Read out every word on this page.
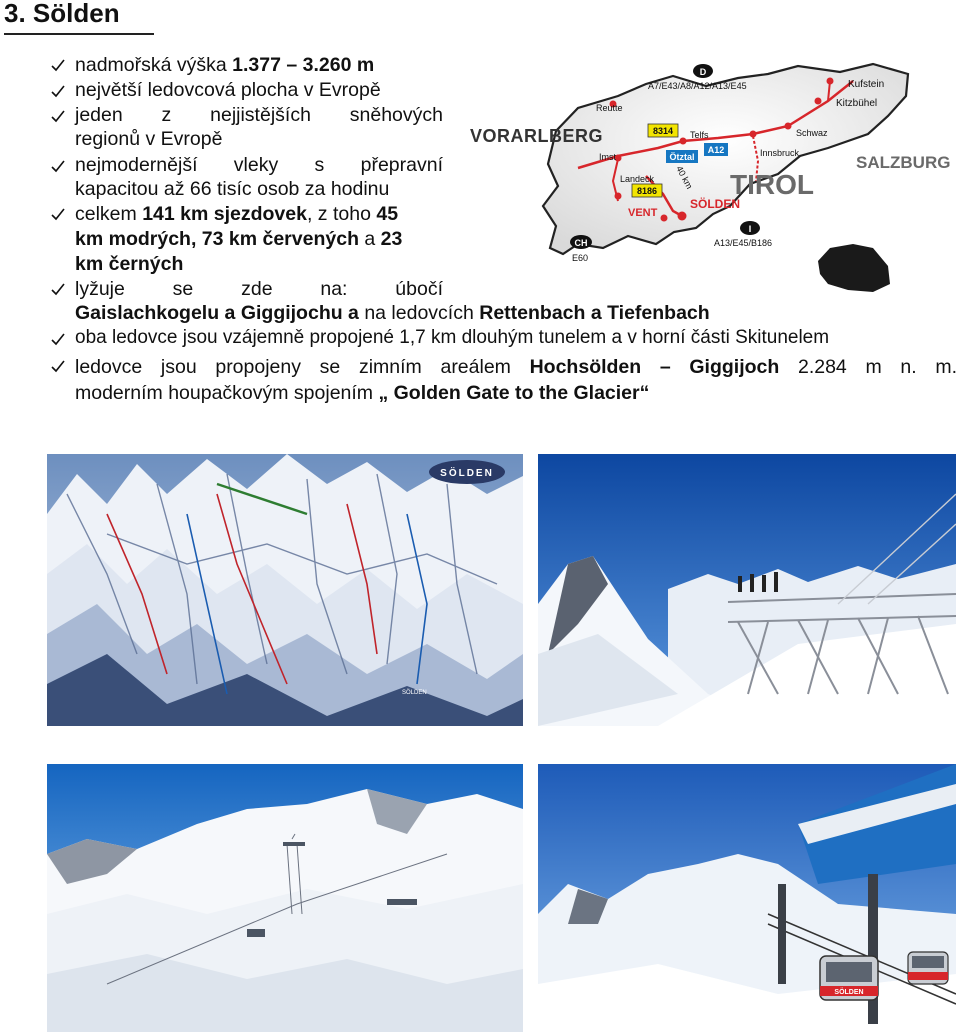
3. Sölden
nadmořská výška 1.377 – 3.260 m
největší ledovcová plocha v Evropě
jeden z nejjistějších sněhových
regionů v Evropě
nejmodernější vleky s přepravní
kapacitou až 66 tisíc osob za hodinu
celkem 141 km sjezdovek, z toho 45
km modrých, 73 km červených a 23
km černých
lyžuje se zde na: úbočí
Gaislachkogelu a Giggijochu a na ledovcích Rettenbach a Tiefenbach
oba ledovce jsou vzájemně propojené 1,7 km dlouhým tunelem a v horní části Skitunelem
ledovce jsou propojeny se zimním areálem Hochsölden – Giggijoch 2.284 m n. m.
moderním houpačkovým spojením „ Golden Gate to the Glacier“
VORARLBERG
TIROL
SALZBURG
D
CH
I
A
A7/E43/A8/A12/A13/E45
A13/E45/B186
E60
Kufstein
Kitzbühel
Reutte
Telfs	Schwaz
Imst	Innsbruck
Landeck
VENT
SÖLDEN
40 km
8314
Ötztal
A12
8186
SÖLDEN
SÖLDEN
SÖLDEN
